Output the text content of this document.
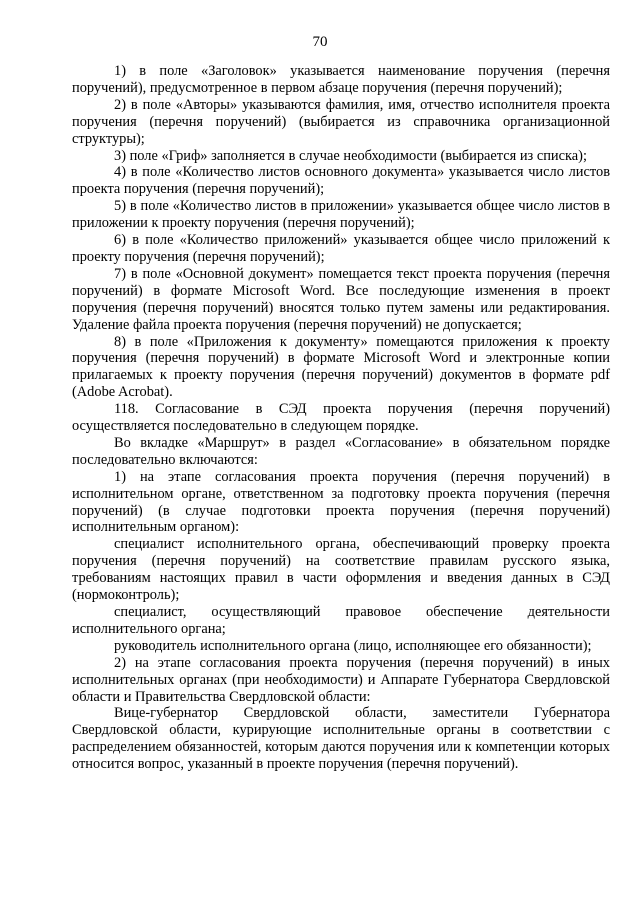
70

1) в поле «Заголовок» указывается наименование поручения (перечня поручений), предусмотренное в первом абзаце поручения (перечня поручений);

2) в поле «Авторы» указываются фамилия, имя, отчество исполнителя проекта поручения (перечня поручений) (выбирается из справочника организационной структуры);

3) поле «Гриф» заполняется в случае необходимости (выбирается из списка);

4) в поле «Количество листов основного документа» указывается число листов проекта поручения (перечня поручений);

5) в поле «Количество листов в приложении» указывается общее число листов в приложении к проекту поручения (перечня поручений);

6) в поле «Количество приложений» указывается общее число приложений к проекту поручения (перечня поручений);

7) в поле «Основной документ» помещается текст проекта поручения (перечня поручений) в формате Microsoft Word. Все последующие изменения в проект поручения (перечня поручений) вносятся только путем замены или редактирования. Удаление файла проекта поручения (перечня поручений) не допускается;

8) в поле «Приложения к документу» помещаются приложения к проекту поручения (перечня поручений) в формате Microsoft Word и электронные копии прилагаемых к проекту поручения (перечня поручений) документов в формате pdf (Adobe Acrobat).

118. Согласование в СЭД проекта поручения (перечня поручений) осуществляется последовательно в следующем порядке.

Во вкладке «Маршрут» в раздел «Согласование» в обязательном порядке последовательно включаются:

1) на этапе согласования проекта поручения (перечня поручений) в исполнительном органе, ответственном за подготовку проекта поручения (перечня поручений) (в случае подготовки проекта поручения (перечня поручений) исполнительным органом):

специалист исполнительного органа, обеспечивающий проверку проекта поручения (перечня поручений) на соответствие правилам русского языка, требованиям настоящих правил в части оформления и введения данных в СЭД (нормоконтроль);

специалист, осуществляющий правовое обеспечение деятельности исполнительного органа;

руководитель исполнительного органа (лицо, исполняющее его обязанности);

2) на этапе согласования проекта поручения (перечня поручений) в иных исполнительных органах (при необходимости) и Аппарате Губернатора Свердловской области и Правительства Свердловской области:

Вице-губернатор Свердловской области, заместители Губернатора Свердловской области, курирующие исполнительные органы в соответствии с распределением обязанностей, которым даются поручения или к компетенции которых относится вопрос, указанный в проекте поручения (перечня поручений).
